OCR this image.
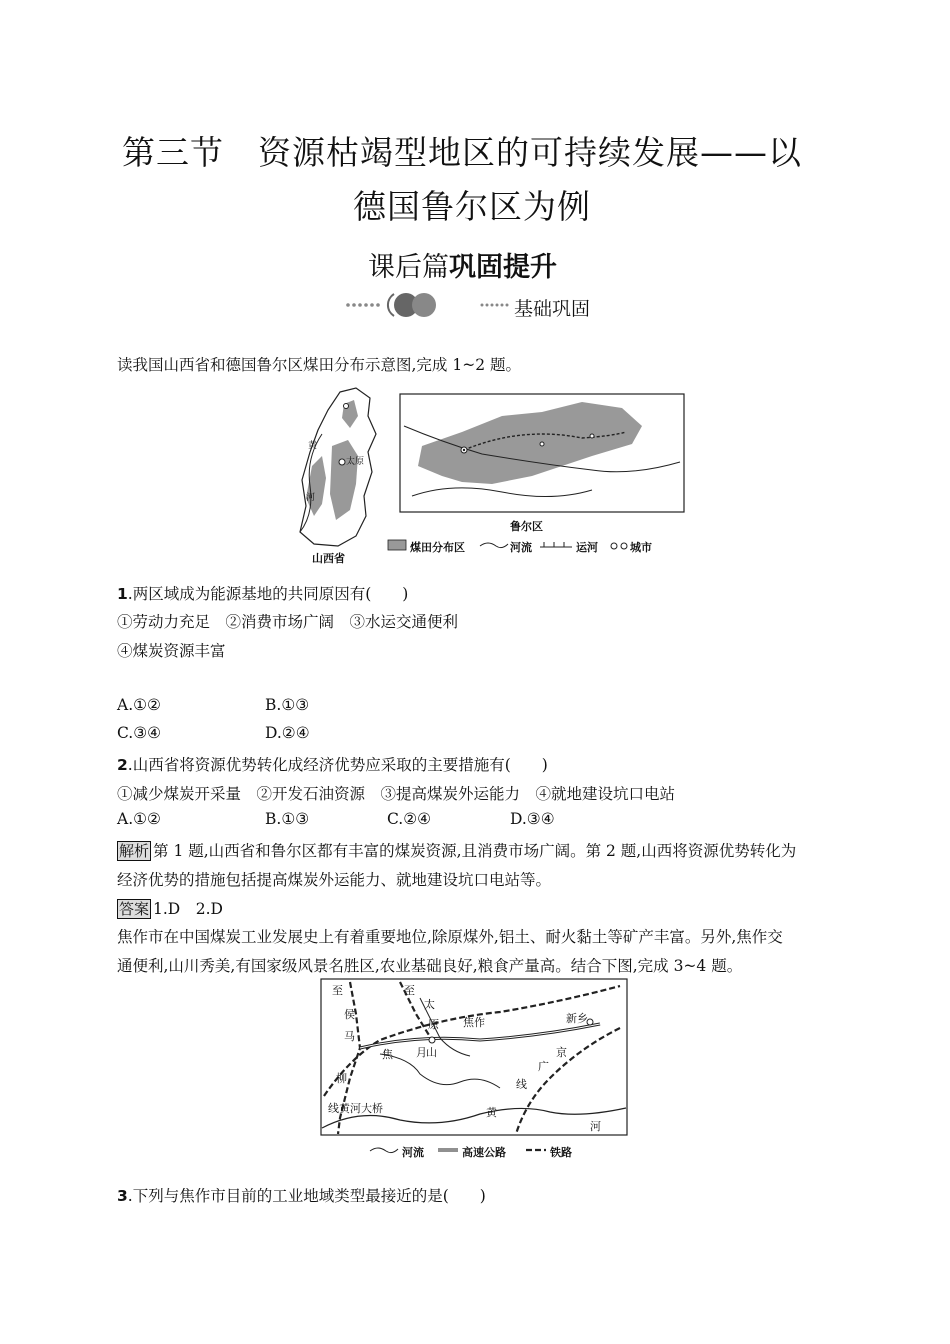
第三节　资源枯竭型地区的可持续发展——以
德国鲁尔区为例
课后篇巩固提升
基础巩固
读我国山西省和德国鲁尔区煤田分布示意图,完成 1~2 题。
山西省
太原
黄
河
鲁尔区
煤田分布区	河流	运河	城市
1.两区域成为能源基地的共同原因有(　　)
①劳动力充足　②消费市场广阔　③水运交通便利
④煤炭资源丰富
A.①②	B.①③
C.③④	D.②④
2.山西省将资源优势转化成经济优势应采取的主要措施有(　　)
①减少煤炭开采量　②开发石油资源　③提高煤炭外运能力　④就地建设坑口电站
A.①②	B.①③	C.②④	D.③④
解析 第 1 题,山西省和鲁尔区都有丰富的煤炭资源,且消费市场广阔。第 2 题,山西将资源优势转化为
经济优势的措施包括提高煤炭外运能力、就地建设坑口电站等。
答案 1.D　2.D
焦作市在中国煤炭工业发展史上有着重要地位,除原煤外,铝土、耐火黏土等矿产丰富。另外,焦作交
通便利,山川秀美,有国家级风景名胜区,农业基础良好,粮食产量高。结合下图,完成 3~4 题。
至
侯
马
至
太
原 焦作	新乡
焦 月 山
柳
京
广
线
线黄河大桥	黄
河
河流	高速公路	铁路
3.下列与焦作市目前的工业地域类型最接近的是(　　)
